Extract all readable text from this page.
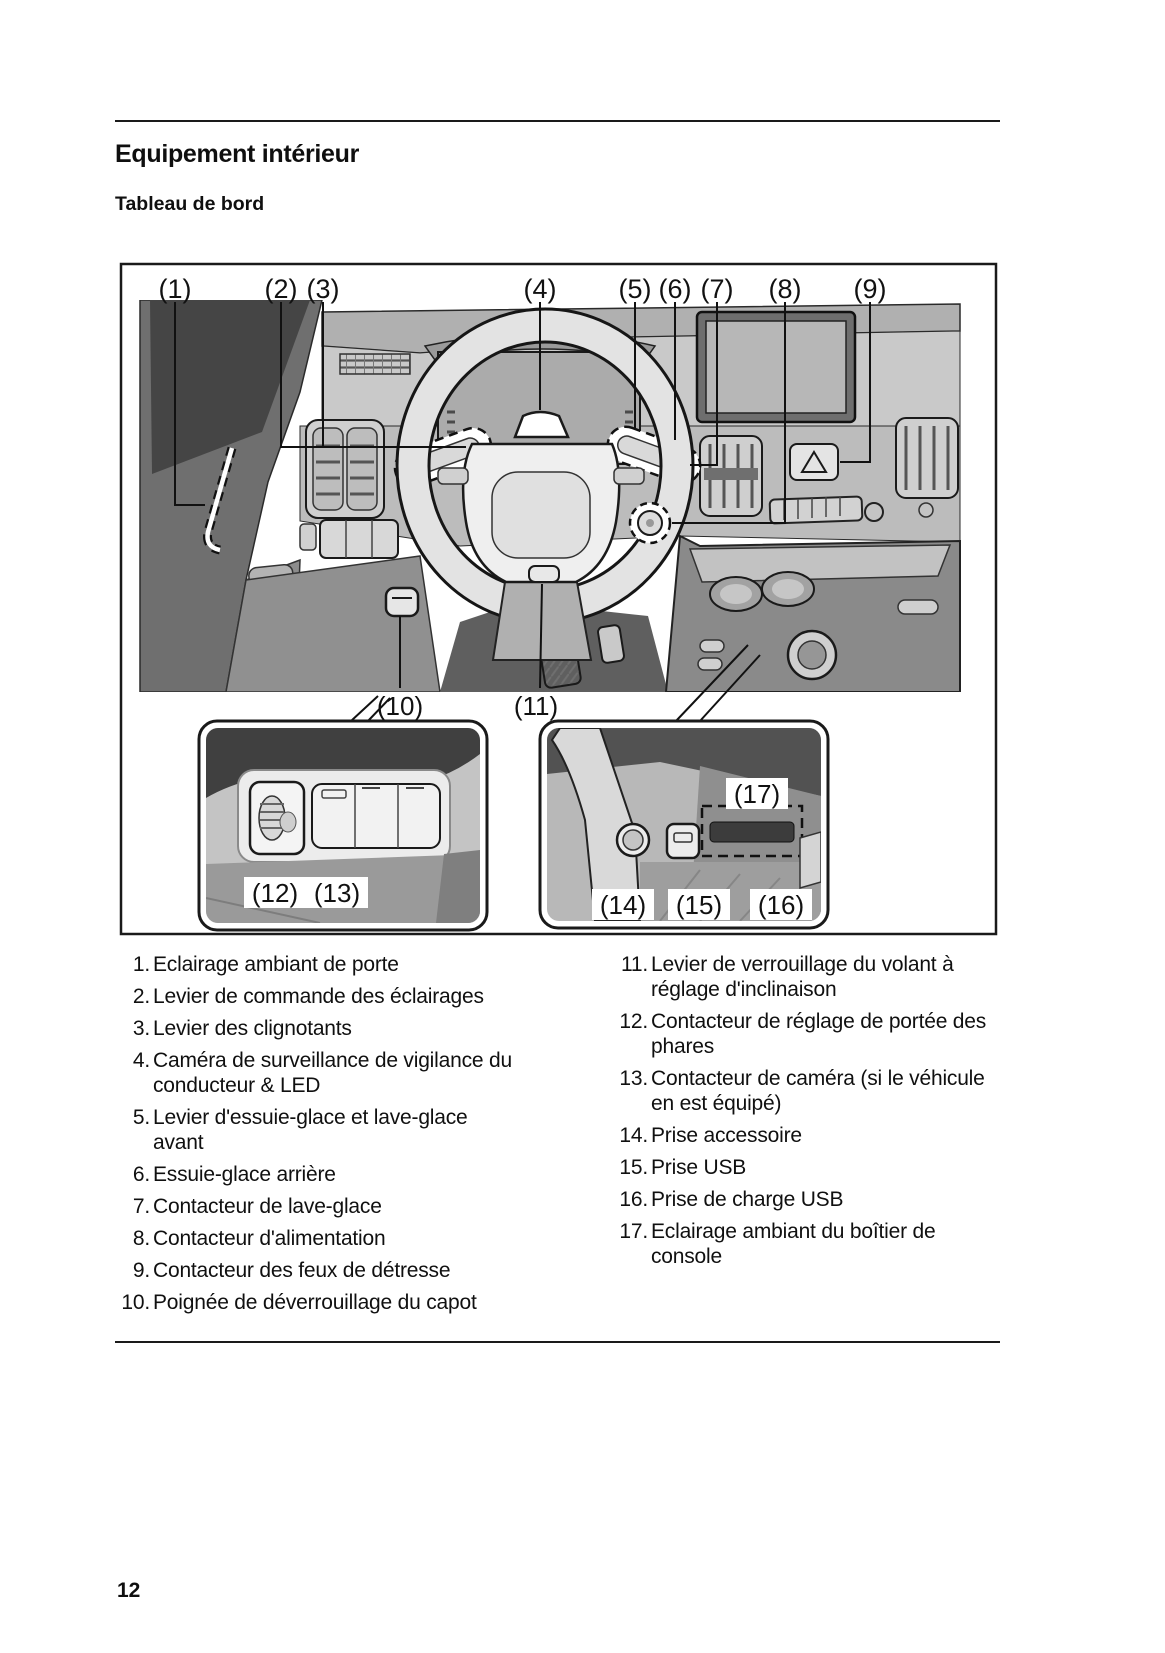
Equipement intérieur
Tableau de bord
(1)	(2) (3)	(4) (5) (6) (7) (8) (9)
(10)	(11)
(12) (13)	(14) (15) (16)
(17)
1. Eclairage ambiant de porte
2. Levier de commande des éclairages
3. Levier des clignotants
4. Caméra de surveillance de vigilance du conducteur & LED
5. Levier d'essuie-glace et lave-glace avant
6. Essuie-glace arrière
7. Contacteur de lave-glace
8. Contacteur d'alimentation
9. Contacteur des feux de détresse
10. Poignée de déverrouillage du capot
11. Levier de verrouillage du volant à réglage d'inclinaison
12. Contacteur de réglage de portée des phares
13. Contacteur de caméra (si le véhicule en est équipé)
14. Prise accessoire
15. Prise USB
16. Prise de charge USB
17. Eclairage ambiant du boîtier de console
12
